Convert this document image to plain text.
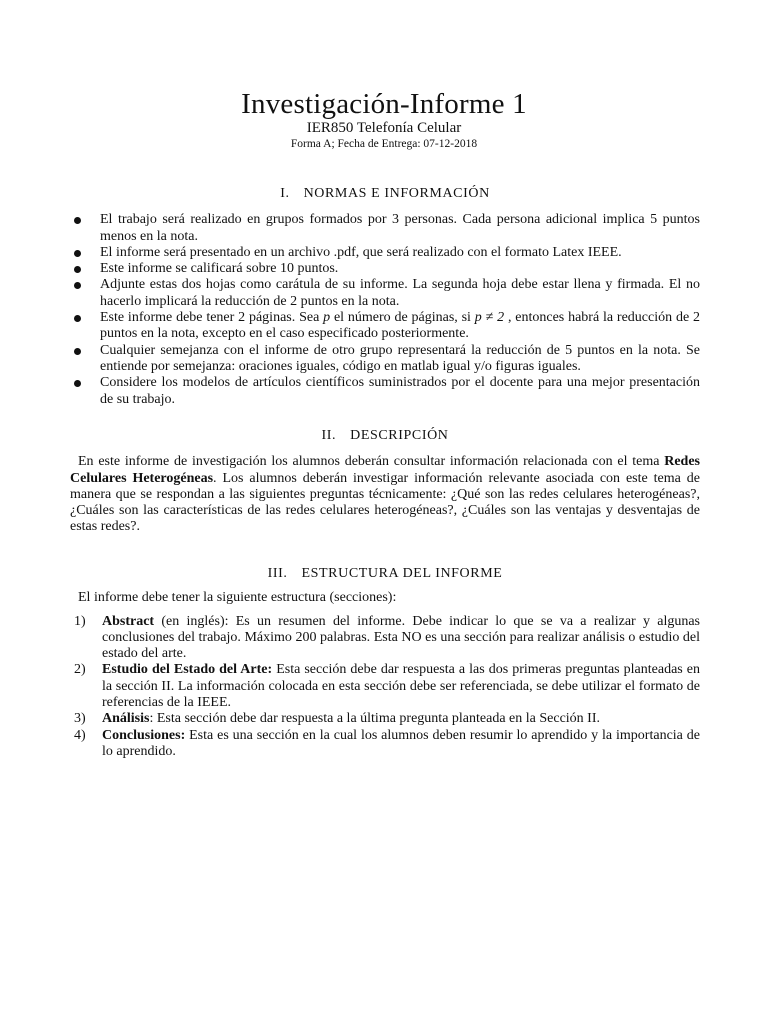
Investigación-Informe 1
IER850 Telefonía Celular
Forma A; Fecha de Entrega: 07-12-2018
I. NORMAS E INFORMACIÓN
El trabajo será realizado en grupos formados por 3 personas. Cada persona adicional implica 5 puntos menos en la nota.
El informe será presentado en un archivo .pdf, que será realizado con el formato Latex IEEE.
Este informe se calificará sobre 10 puntos.
Adjunte estas dos hojas como carátula de su informe. La segunda hoja debe estar llena y firmada. El no hacerlo implicará la reducción de 2 puntos en la nota.
Este informe debe tener 2 páginas. Sea p el número de páginas, si p ≠ 2 , entonces habrá la reducción de 2 puntos en la nota, excepto en el caso especificado posteriormente.
Cualquier semejanza con el informe de otro grupo representará la reducción de 5 puntos en la nota. Se entiende por semejanza: oraciones iguales, código en matlab igual y/o figuras iguales.
Considere los modelos de artículos científicos suministrados por el docente para una mejor presentación de su trabajo.
II. DESCRIPCIÓN

En este informe de investigación los alumnos deberán consultar información relacionada con el tema Redes Celulares Heterogéneas. Los alumnos deberán investigar información relevante asociada con este tema de manera que se respondan a las siguientes preguntas técnicamente: ¿Qué son las redes celulares heterogéneas?, ¿Cuáles son las características de las redes celulares heterogéneas?, ¿Cuáles son las ventajas y desventajas de estas redes?.

III. ESTRUCTURA DEL INFORME

El informe debe tener la siguiente estructura (secciones):

1) Abstract (en inglés): Es un resumen del informe. Debe indicar lo que se va a realizar y algunas conclusiones del trabajo. Máximo 200 palabras. Esta NO es una sección para realizar análisis o estudio del estado del arte.
2) Estudio del Estado del Arte: Esta sección debe dar respuesta a las dos primeras preguntas planteadas en la sección II. La información colocada en esta sección debe ser referenciada, se debe utilizar el formato de referencias de la IEEE.
3) Análisis: Esta sección debe dar respuesta a la última pregunta planteada en la Sección II.
4) Conclusiones: Esta es una sección en la cual los alumnos deben resumir lo aprendido y la importancia de lo aprendido.
